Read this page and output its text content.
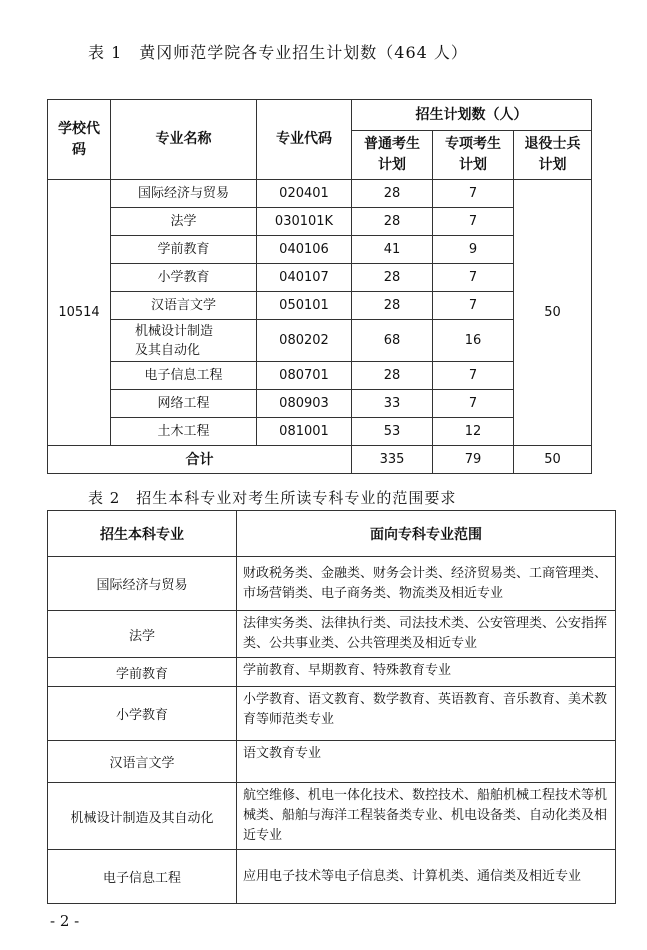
表 1　黄冈师范学院各专业招生计划数（464 人）
学校代码	专业名称	专业代码	招生计划数（人）		
			普通考生计划	专项考生计划	退役士兵计划
10514	国际经济与贸易	020401	28	7	50
	法学	030101K	28	7	
	学前教育	040106	41	9	
	小学教育	040107	28	7	
	汉语言文学	050101	28	7	
	机械设计制造
及其自动化	080202	68	16	
	电子信息工程	080701	28	7	
	网络工程	080903	33	7	
	土木工程	081001	53	12	
合计			335	79	50
表 2　招生本科专业对考生所读专科专业的范围要求
招生本科专业	面向专科专业范围
国际经济与贸易	财政税务类、金融类、财务会计类、经济贸易类、工商管理类、市场营销类、电子商务类、物流类及相近专业
法学	法律实务类、法律执行类、司法技术类、公安管理类、公安指挥类、公共事业类、公共管理类及相近专业
学前教育	学前教育、早期教育、特殊教育专业
小学教育	小学教育、语文教育、数学教育、英语教育、音乐教育、美术教育等师范类专业
汉语言文学	语文教育专业
机械设计制造及其自动化	航空维修、机电一体化技术、数控技术、船舶机械工程技术等机械类、船舶与海洋工程装备类专业、机电设备类、自动化类及相近专业
电子信息工程	应用电子技术等电子信息类、计算机类、通信类及相近专业
- 2 -
